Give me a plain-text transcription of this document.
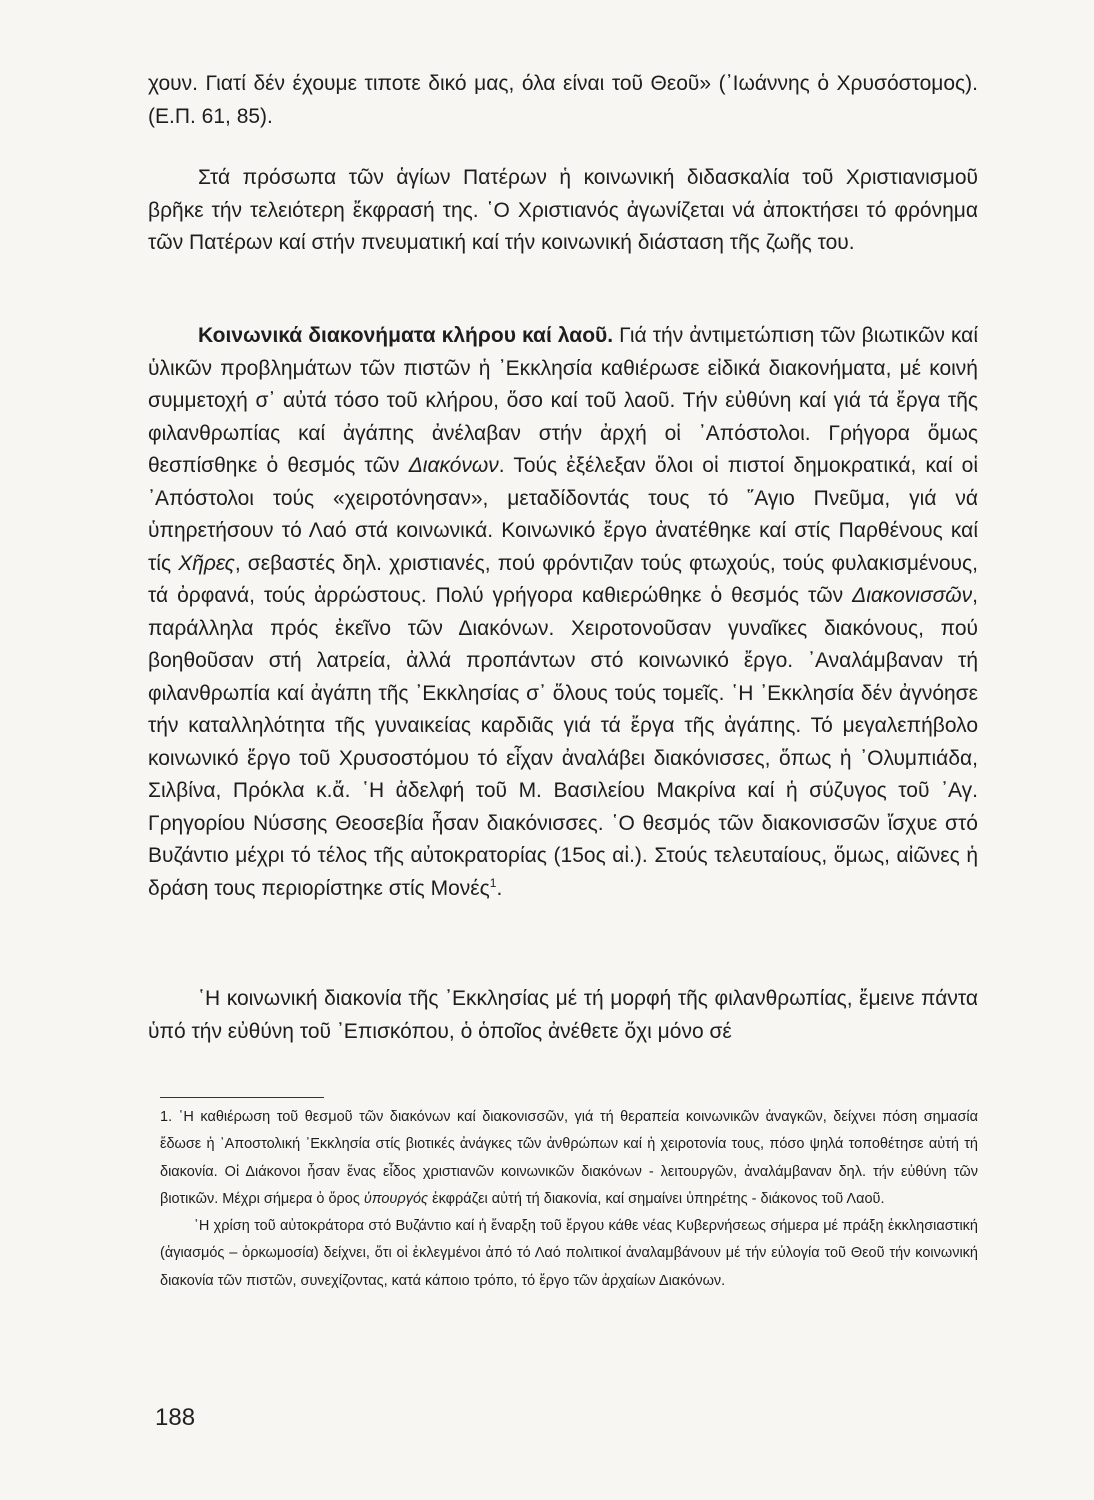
χουν. Γιατί δέν έχουμε τιποτε δικό μας, όλα είναι τοῦ Θεοῦ» (᾿Ιωάννης ὁ Χρυσόστομος). (Ε.Π. 61, 85).

Στά πρόσωπα τῶν ἁγίων Πατέρων ἡ κοινωνική διδασκαλία τοῦ Χριστιανισμοῦ βρῆκε τήν τελειότερη ἔκφρασή της. ῾Ο Χριστιανός ἀγωνίζεται νά ἀποκτήσει τό φρόνημα τῶν Πατέρων καί στήν πνευματική καί τήν κοινωνική διάσταση τῆς ζωῆς του.

Κοινωνικά διακονήματα κλήρου καί λαοῦ. Γιά τήν ἀντιμετώπιση τῶν βιωτικῶν καί ὑλικῶν προβλημάτων τῶν πιστῶν ἡ ᾿Εκκλησία καθιέρωσε εἰδικά διακονήματα, μέ κοινή συμμετοχή σ᾿ αὐτά τόσο τοῦ κλήρου, ὅσο καί τοῦ λαοῦ. Τήν εὐθύνη καί γιά τά ἔργα τῆς φιλανθρωπίας καί ἀγάπης ἀνέλαβαν στήν ἀρχή οἱ ᾿Απόστολοι. Γρήγορα ὅμως θεσπίσθηκε ὁ θεσμός τῶν Διακόνων. Τούς ἐξέλεξαν ὅλοι οἱ πιστοί δημοκρατικά, καί οἱ ᾿Απόστολοι τούς «χειροτόνησαν», μεταδίδοντάς τους τό ῞Αγιο Πνεῦμα, γιά νά ὑπηρετήσουν τό Λαό στά κοινωνικά. Κοινωνικό ἔργο ἀνατέθηκε καί στίς Παρθένους καί τίς Χῆρες, σεβαστές δηλ. χριστιανές, πού φρόντιζαν τούς φτωχούς, τούς φυλακισμένους, τά ὀρφανά, τούς ἀρρώστους. Πολύ γρήγορα καθιερώθηκε ὁ θεσμός τῶν Διακονισσῶν, παράλληλα πρός ἐκεῖνο τῶν Διακόνων. Χειροτονοῦσαν γυναῖκες διακόνους, πού βοηθοῦσαν στή λατρεία, ἀλλά προπάντων στό κοινωνικό ἔργο. ᾿Αναλάμβαναν τή φιλανθρωπία καί ἀγάπη τῆς ᾿Εκκλησίας σ᾿ ὅλους τούς τομεῖς. ῾Η ᾿Εκκλησία δέν ἀγνόησε τήν καταλληλότητα τῆς γυναικείας καρδιᾶς γιά τά ἔργα τῆς ἀγάπης. Τό μεγαλεπήβολο κοινωνικό ἔργο τοῦ Χρυσοστόμου τό εἶχαν ἀναλάβει διακόνισσες, ὅπως ἡ ᾿Ολυμπιάδα, Σιλβίνα, Πρόκλα κ.ἄ. ῾Η ἀδελφή τοῦ Μ. Βασιλείου Μακρίνα καί ἡ σύζυγος τοῦ ᾿Αγ. Γρηγορίου Νύσσης Θεοσεβία ἦσαν διακόνισσες. ῾Ο θεσμός τῶν διακονισσῶν ἴσχυε στό Βυζάντιο μέχρι τό τέλος τῆς αὐτοκρατορίας (15ος αἰ.). Στούς τελευταίους, ὅμως, αἰῶνες ἡ δράση τους περιορίστηκε στίς Μονές$^1$.

῾Η κοινωνική διακονία τῆς ᾿Εκκλησίας μέ τή μορφή τῆς φιλανθρωπίας, ἔμεινε πάντα ὑπό τήν εὐθύνη τοῦ ᾿Επισκόπου, ὁ ὁποῖος ἀνέθετε ὄχι μόνο σέ

1. ῾Η καθιέρωση τοῦ θεσμοῦ τῶν διακόνων καί διακονισσῶν, γιά τή θεραπεία κοινωνικῶν ἀναγκῶν, δείχνει πόση σημασία ἔδωσε ἡ ᾿Αποστολική ᾿Εκκλησία στίς βιοτικές ἀνάγκες τῶν ἀνθρώπων καί ἡ χειροτονία τους, πόσο ψηλά τοποθέτησε αὐτή τή διακονία. Οἱ Διάκονοι ἦσαν ἕνας εἶδος χριστιανῶν κοινωνικῶν διακόνων - λειτουργῶν, ἀναλάμβαναν δηλ. τήν εὐθύνη τῶν βιοτικῶν. Μέχρι σήμερα ὁ ὅρος ὑπουργός ἐκφράζει αὐτή τή διακονία, καί σημαίνει ὑπηρέτης - διάκονος τοῦ Λαοῦ.

῾Η χρίση τοῦ αὐτοκράτορα στό Βυζάντιο καί ἡ ἔναρξη τοῦ ἔργου κάθε νέας Κυβερνήσεως σήμερα μέ πράξη ἐκκλησιαστική (ἁγιασμός – ὁρκωμοσία) δείχνει, ὅτι οἱ ἐκλεγμένοι ἀπό τό Λαό πολιτικοί ἀναλαμβάνουν μέ τήν εὐλογία τοῦ Θεοῦ τήν κοινωνική διακονία τῶν πιστῶν, συνεχίζοντας, κατά κάποιο τρόπο, τό ἔργο τῶν ἀρχαίων Διακόνων.

188
